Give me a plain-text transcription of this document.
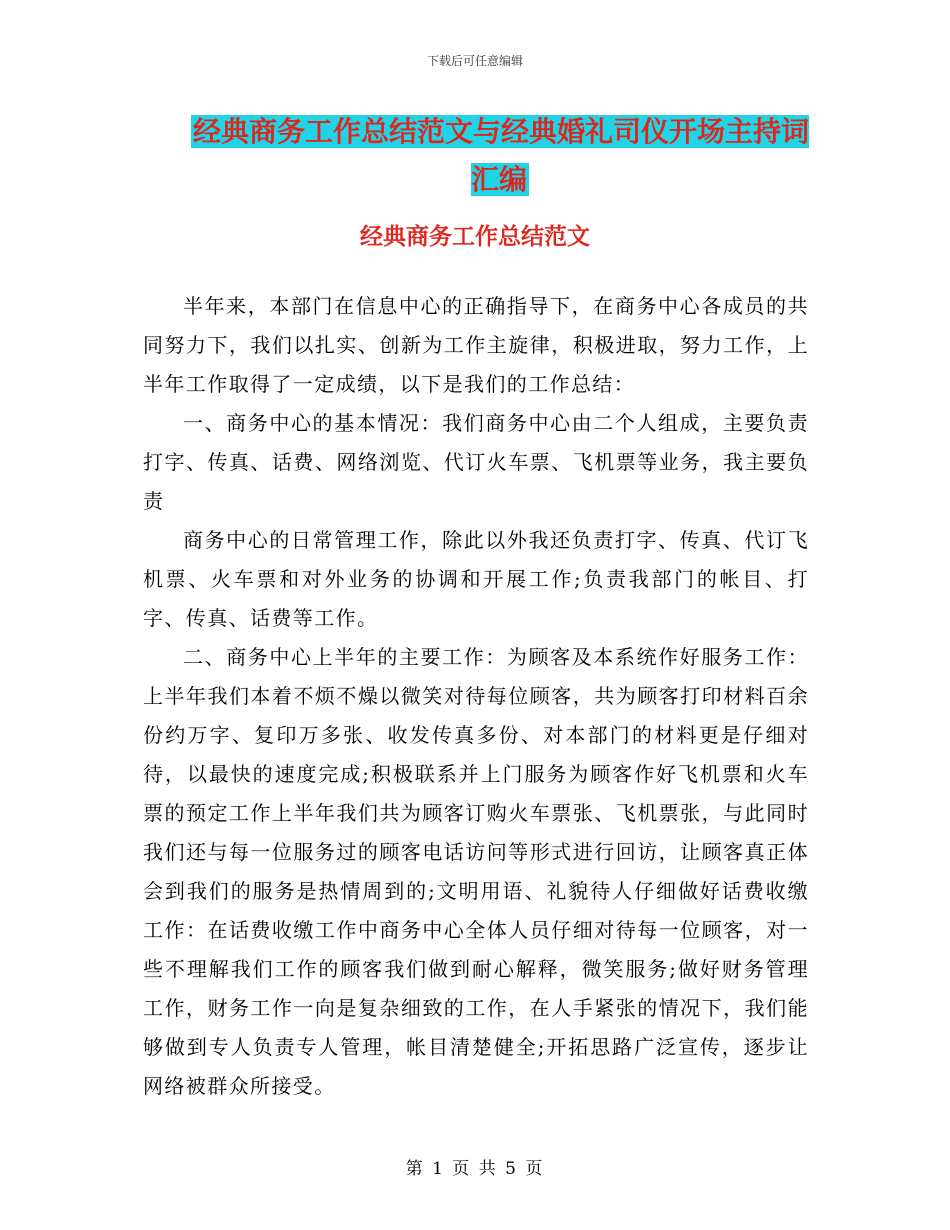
下载后可任意编辑
经典商务工作总结范文与经典婚礼司仪开场主持词汇编
经典商务工作总结范文

半年来，本部门在信息中心的正确指导下，在商务中心各成员的共同努力下，我们以扎实、创新为工作主旋律，积极进取，努力工作，上半年工作取得了一定成绩，以下是我们的工作总结：

一、商务中心的基本情况：我们商务中心由二个人组成，主要负责打字、传真、话费、网络浏览、代订火车票、飞机票等业务，我主要负责

商务中心的日常管理工作，除此以外我还负责打字、传真、代订飞机票、火车票和对外业务的协调和开展工作;负责我部门的帐目、打字、传真、话费等工作。

二、商务中心上半年的主要工作：为顾客及本系统作好服务工作：上半年我们本着不烦不燥以微笑对待每位顾客，共为顾客打印材料百余份约万字、复印万多张、收发传真多份、对本部门的材料更是仔细对待，以最快的速度完成;积极联系并上门服务为顾客作好飞机票和火车票的预定工作上半年我们共为顾客订购火车票张、飞机票张，与此同时我们还与每一位服务过的顾客电话访问等形式进行回访，让顾客真正体会到我们的服务是热情周到的;文明用语、礼貌待人仔细做好话费收缴工作：在话费收缴工作中商务中心全体人员仔细对待每一位顾客，对一些不理解我们工作的顾客我们做到耐心解释，微笑服务;做好财务管理工作，财务工作一向是复杂细致的工作，在人手紧张的情况下，我们能够做到专人负责专人管理，帐目清楚健全;开拓思路广泛宣传，逐步让网络被群众所接受。

第 1 页 共 5 页
